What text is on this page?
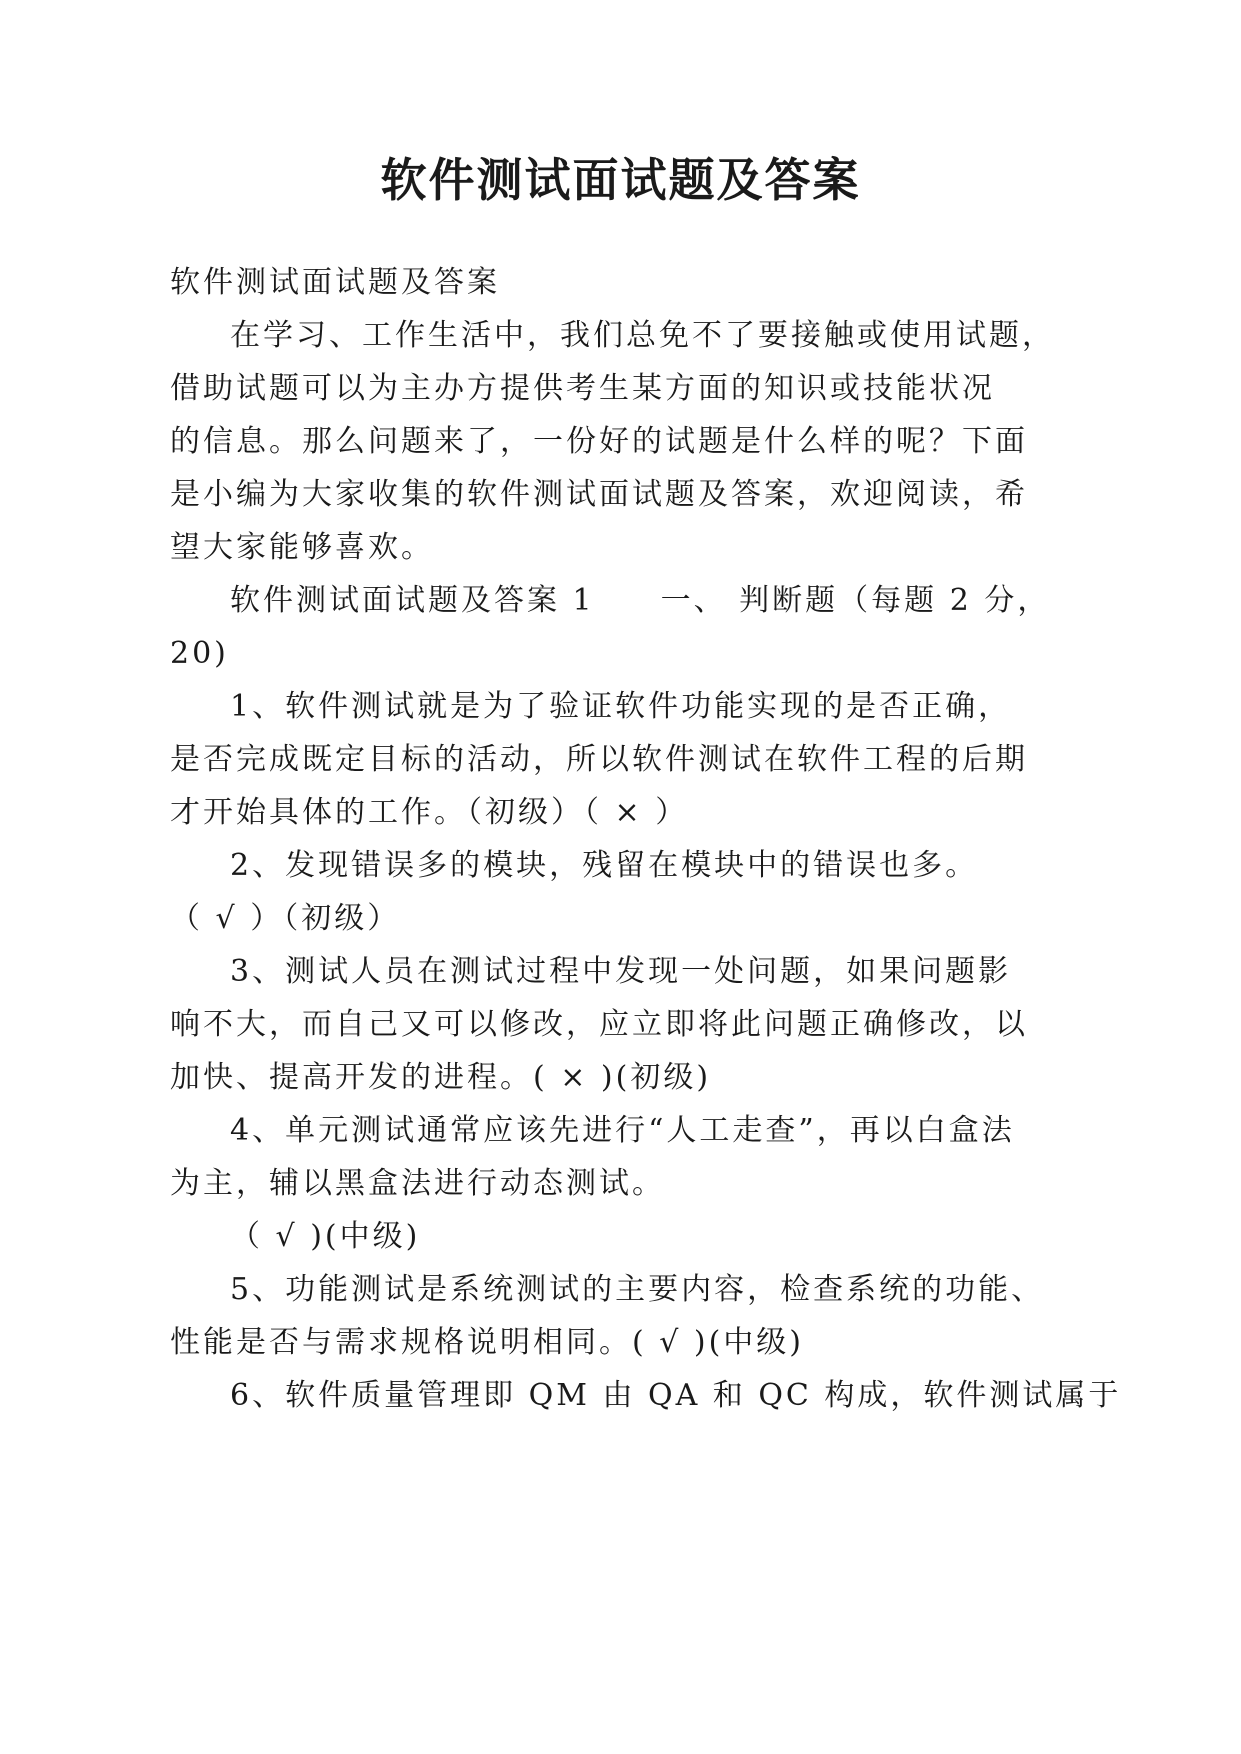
软件测试面试题及答案
软件测试面试题及答案
在学习、工作生活中，我们总免不了要接触或使用试题，
借助试题可以为主办方提供考生某方面的知识或技能状况
的信息。那么问题来了，一份好的试题是什么样的呢？下面
是小编为大家收集的软件测试面试题及答案，欢迎阅读，希
望大家能够喜欢。
软件测试面试题及答案 1　　一、 判断题（每题 2 分，
20)
1、软件测试就是为了验证软件功能实现的是否正确，
是否完成既定目标的活动，所以软件测试在软件工程的后期
才开始具体的工作。（初级）（ × ）
2、发现错误多的模块，残留在模块中的错误也多。
（ √ ）（初级）
3、测试人员在测试过程中发现一处问题，如果问题影
响不大，而自己又可以修改，应立即将此问题正确修改，以
加快、提高开发的进程。( × )(初级)
4、单元测试通常应该先进行“人工走查”，再以白盒法
为主，辅以黑盒法进行动态测试。
（ √ )(中级)
5、功能测试是系统测试的主要内容，检查系统的功能、
性能是否与需求规格说明相同。( √ )(中级)
6、软件质量管理即 QM 由 QA 和 QC 构成，软件测试属于
